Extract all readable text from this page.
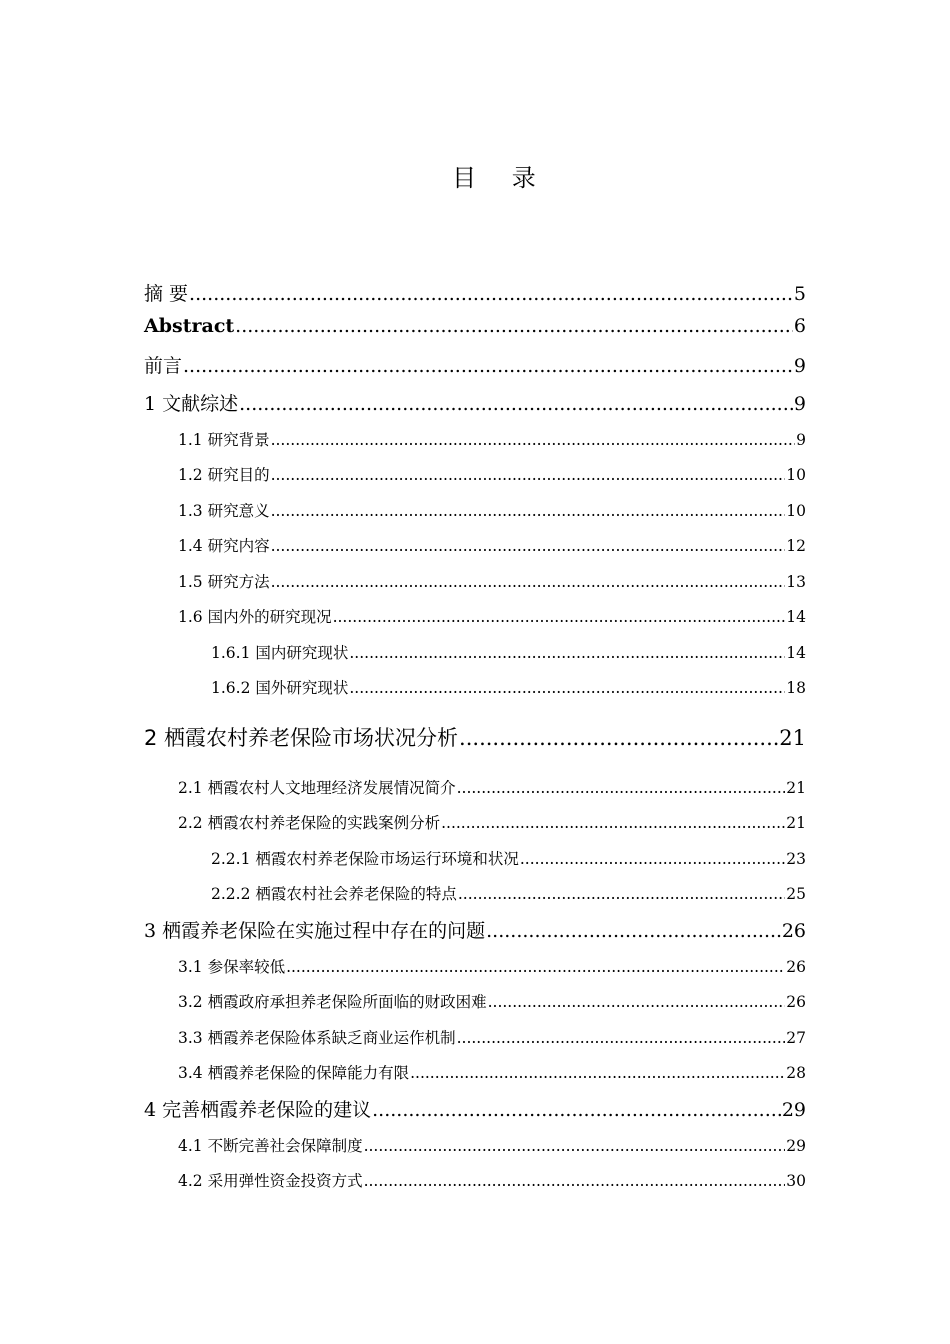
目 录
摘 要 .....	5
Abstract .....	6
前言 .....	9
1 文献综述 .....	9
1.1 研究背景 .....	9
1.2 研究目的 .....	10
1.3 研究意义 .....	10
1.4 研究内容 .....	12
1.5 研究方法 .....	13
1.6 国内外的研究现况 .....	14
1.6.1 国内研究现状 .....	14
1.6.2 国外研究现状 .....	18
2 栖霞农村养老保险市场状况分析 .....	21
2.1 栖霞农村人文地理经济发展情况简介 .....	21
2.2 栖霞农村养老保险的实践案例分析 .....	21
2.2.1 栖霞农村养老保险市场运行环境和状况 .....	23
2.2.2 栖霞农村社会养老保险的特点 .....	25
3 栖霞养老保险在实施过程中存在的问题 .....	26
3.1 参保率较低 .....	26
3.2 栖霞政府承担养老保险所面临的财政困难 .....	26
3.3 栖霞养老保险体系缺乏商业运作机制 .....	27
3.4 栖霞养老保险的保障能力有限 .....	28
4 完善栖霞养老保险的建议 .....	29
4.1 不断完善社会保障制度 .....	29
4.2 采用弹性资金投资方式 .....	30
